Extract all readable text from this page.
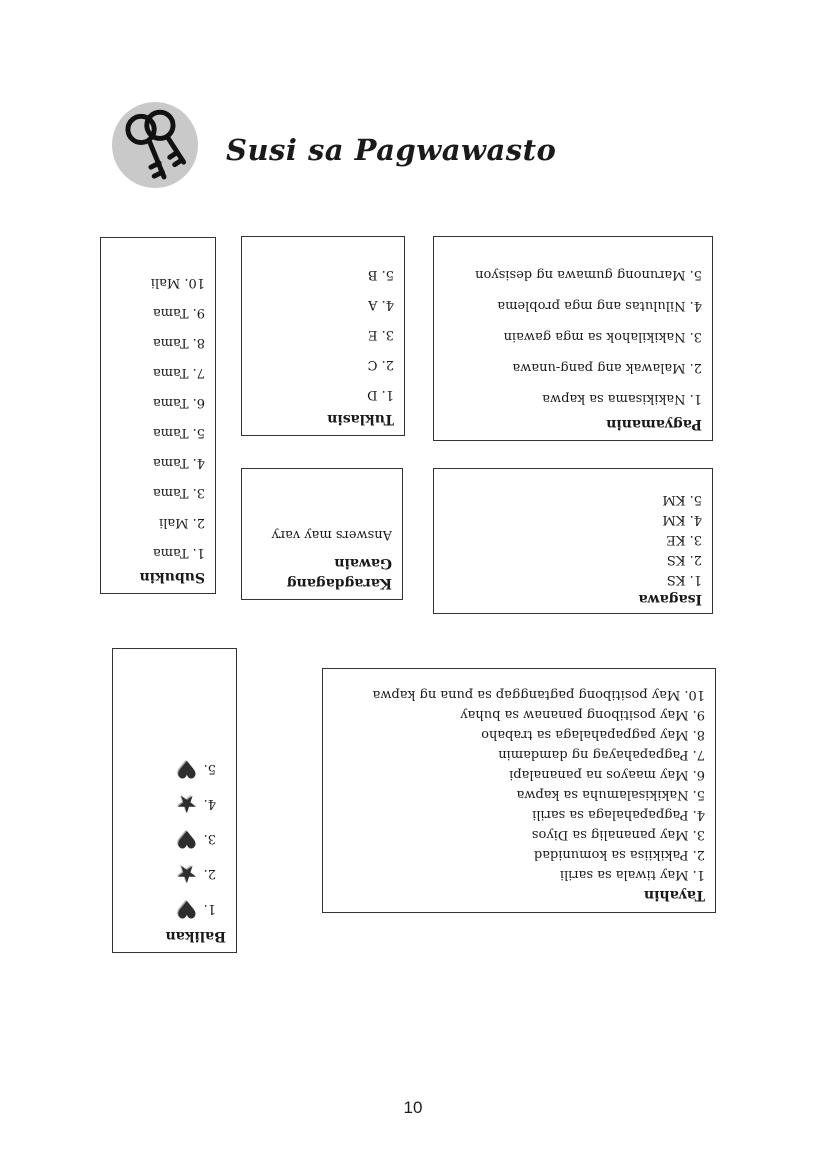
Susi sa Pagwawasto
Subukin
1. Tama
2. Mali
3. Tama
4. Tama
5. Tama
6. Tama
7. Tama
8. Tama
9. Tama
10. Mali
Tuklasin
1. D
2. C
3. E
4. A
5. B
Pagyamanin
1. Nakikisama sa kapwa
2. Malawak ang pang-unawa
3. Nakikilahok sa mga gawain
4. Nilulutas ang mga problema
5. Marunong gumawa ng desisyon
Karagdagang Gawain
Answers may vary
Isagawa
1. KS
2. KS
3. KE
4. KM
5. KM
Balikan
1.
♥
2.
★
3.
♥
4.
★
5.
♥
Tayahin
1. May tiwala sa sarili
2. Pakikiisa sa komunidad
3. May pananalig sa Diyos
4. Pagpapahalaga sa sarili
5. Nakikisalamuha sa kapwa
6. May maayos na pananalapi
7. Pagpapahayag ng damdamin
8. May pagpapahalaga sa trabaho
9. May positibong pananaw sa buhay
10. May positibong pagtanggap sa puna ng kapwa
10
